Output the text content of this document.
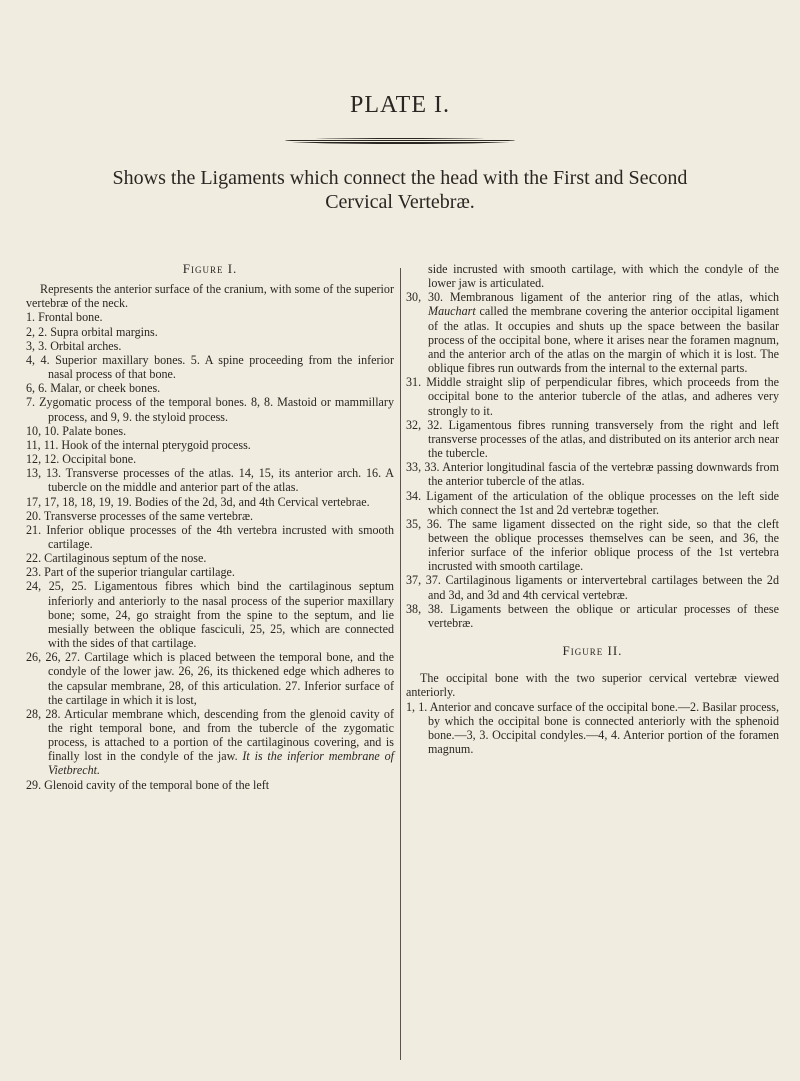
PLATE I.
Shows the Ligaments which connect the head with the First and Second
Cervical Vertebræ.
Figure I.

Represents the anterior surface of the cranium, with some of the superior vertebræ of the neck.

1. Frontal bone.

2, 2. Supra orbital margins.

3, 3. Orbital arches.

4, 4. Superior maxillary bones. 5. A spine proceeding from the inferior nasal process of that bone.

6, 6. Malar, or cheek bones.

7. Zygomatic process of the temporal bones. 8, 8. Mastoid or mammillary process, and 9, 9. the styloid process.

10, 10. Palate bones.

11, 11. Hook of the internal pterygoid process.

12, 12. Occipital bone.

13, 13. Transverse processes of the atlas. 14, 15, its anterior arch. 16. A tubercle on the middle and anterior part of the atlas.

17, 17, 18, 18, 19, 19. Bodies of the 2d, 3d, and 4th Cervical vertebrae.

20. Transverse processes of the same vertebræ.

21. Inferior oblique processes of the 4th vertebra incrusted with smooth cartilage.

22. Cartilaginous septum of the nose.

23. Part of the superior triangular cartilage.

24, 25, 25. Ligamentous fibres which bind the cartilaginous septum inferiorly and anteriorly to the nasal process of the superior maxillary bone; some, 24, go straight from the spine to the septum, and lie mesially between the oblique fasciculi, 25, 25, which are connected with the sides of that cartilage.

26, 26, 27. Cartilage which is placed between the temporal bone, and the condyle of the lower jaw. 26, 26, its thickened edge which adheres to the capsular membrane, 28, of this articulation. 27. Inferior surface of the cartilage in which it is lost,

28, 28. Articular membrane which, descending from the glenoid cavity of the right temporal bone, and from the tubercle of the zygomatic process, is attached to a portion of the cartilaginous covering, and is finally lost in the condyle of the jaw. It is the inferior membrane of Vietbrecht.

29. Glenoid cavity of the temporal bone of the left

side incrusted with smooth cartilage, with which the condyle of the lower jaw is articulated.

30, 30. Membranous ligament of the anterior ring of the atlas, which Mauchart called the membrane covering the anterior occipital ligament of the atlas. It occupies and shuts up the space between the basilar process of the occipital bone, where it arises near the foramen magnum, and the anterior arch of the atlas on the margin of which it is lost. The oblique fibres run outwards from the internal to the external parts.

31. Middle straight slip of perpendicular fibres, which proceeds from the occipital bone to the anterior tubercle of the atlas, and adheres very strongly to it.

32, 32. Ligamentous fibres running transversely from the right and left transverse processes of the atlas, and distributed on its anterior arch near the tubercle.

33, 33. Anterior longitudinal fascia of the vertebræ passing downwards from the anterior tubercle of the atlas.

34. Ligament of the articulation of the oblique processes on the left side which connect the 1st and 2d vertebræ together.

35, 36. The same ligament dissected on the right side, so that the cleft between the oblique processes themselves can be seen, and 36, the inferior surface of the inferior oblique process of the 1st vertebra incrusted with smooth cartilage.

37, 37. Cartilaginous ligaments or intervertebral cartilages between the 2d and 3d, and 3d and 4th cervical vertebræ.

38, 38. Ligaments between the oblique or articular processes of these vertebræ.

Figure II.

The occipital bone with the two superior cervical vertebræ viewed anteriorly.

1, 1. Anterior and concave surface of the occipital bone.—2. Basilar process, by which the occipital bone is connected anteriorly with the sphenoid bone.—3, 3. Occipital condyles.—4, 4. Anterior portion of the foramen magnum.
